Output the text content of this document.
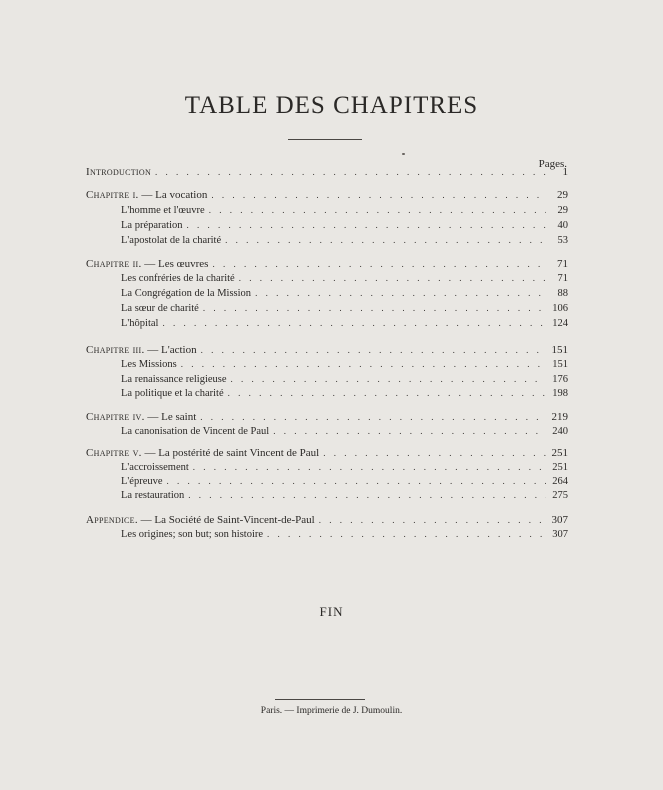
TABLE DES CHAPITRES
Pages.
Introduction . . .	1
Chapitre i. — La vocation . . .	29
L'homme et l'œuvre . . .	29
La préparation . . .	40
L'apostolat de la charité . . .	53
Chapitre ii. — Les œuvres . . .	71
Les confréries de la charité . . .	71
La Congrégation de la Mission . . .	88
La sœur de charité . . .	106
L'hôpital . . .	124
Chapitre iii. — L'action . . .	151
Les Missions . . .	151
La renaissance religieuse . . .	176
La politique et la charité . . .	198
Chapitre iv. — Le saint . . .	219
La canonisation de Vincent de Paul . . .	240
Chapitre v. — La postérité de saint Vincent de Paul . . .	251
L'accroissement . . .	251
L'épreuve . . .	264
La restauration . . .	275
Appendice. — La Société de Saint-Vincent-de-Paul . . .	307
Les origines; son but; son histoire . . .	307
FIN
Paris. — Imprimerie de J. Dumoulin.
